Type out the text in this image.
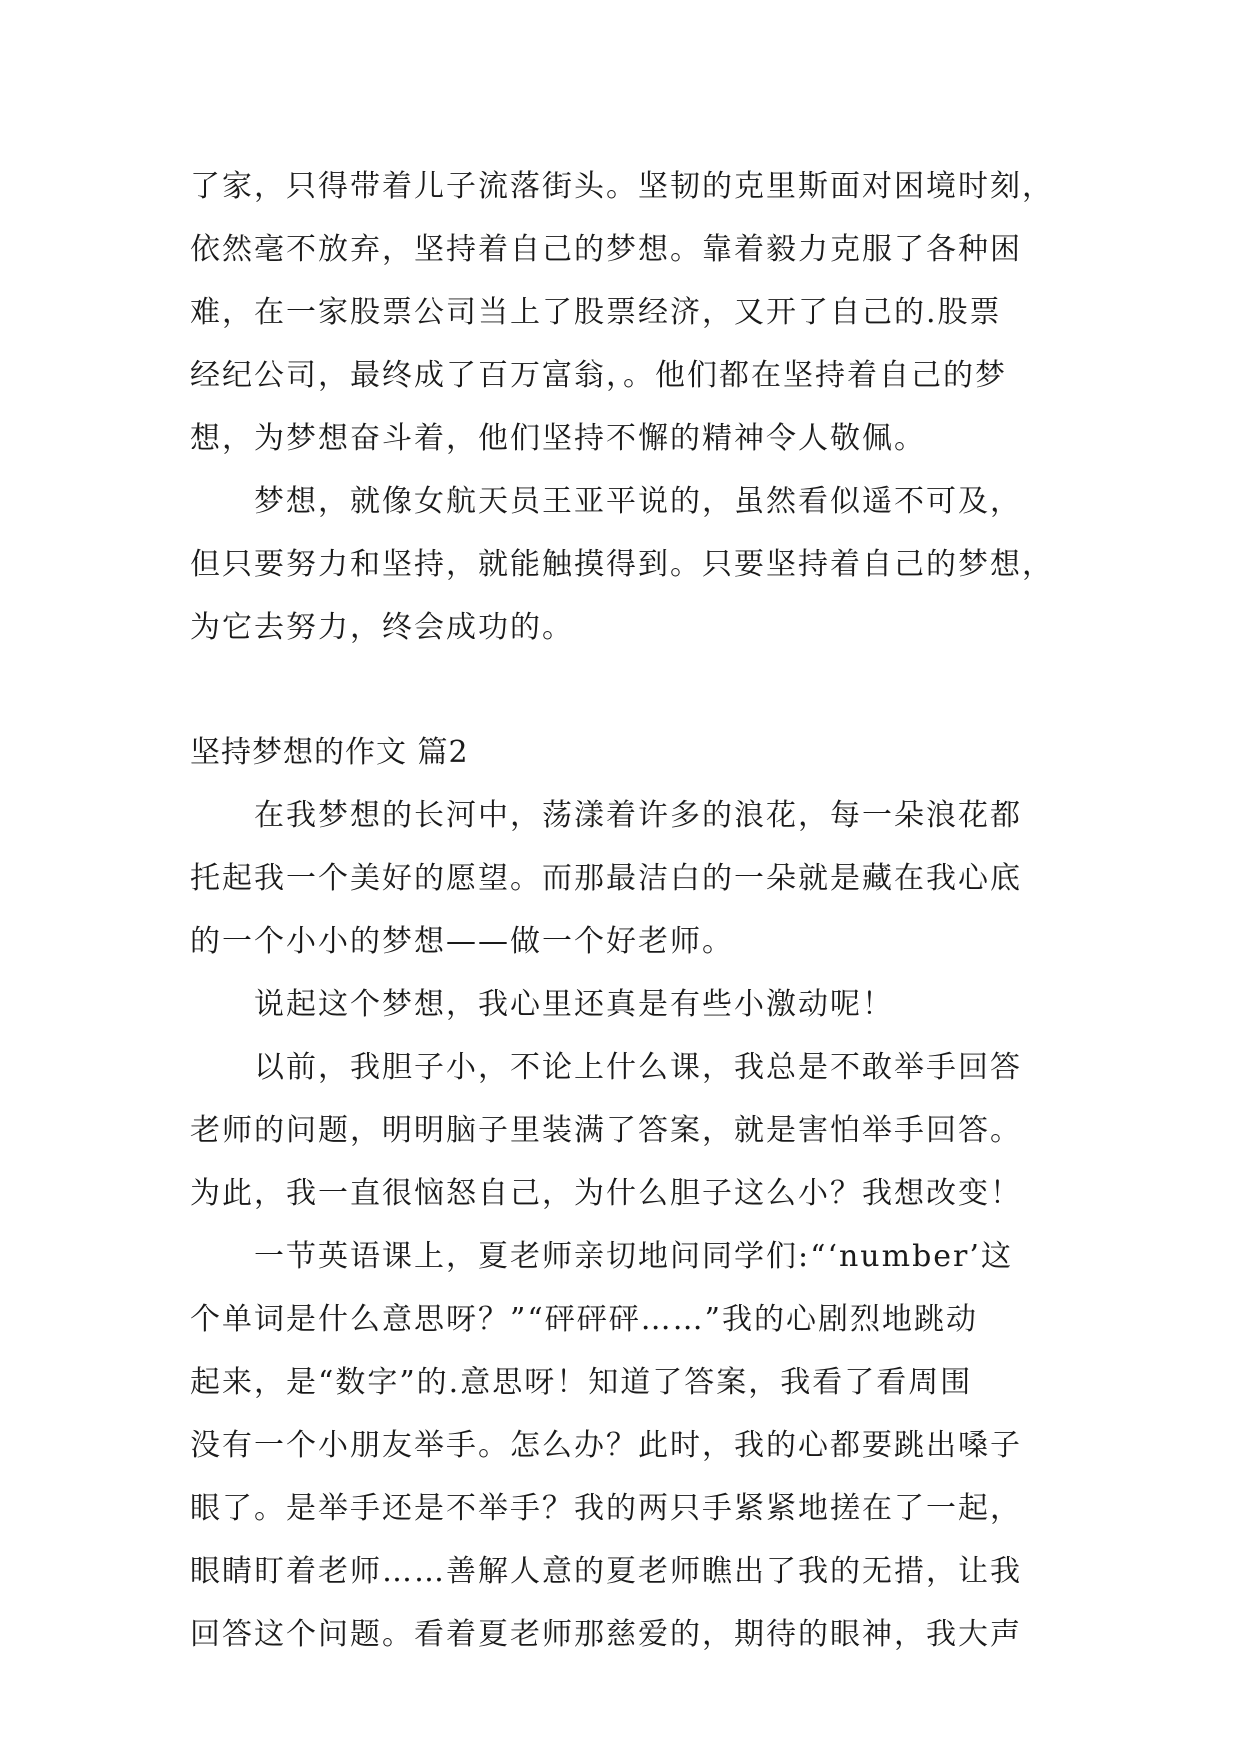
了家，只得带着儿子流落街头。坚韧的克里斯面对困境时刻，
依然毫不放弃，坚持着自己的梦想。靠着毅力克服了各种困
难，在一家股票公司当上了股票经济，又开了自己的.股票
经纪公司，最终成了百万富翁，。他们都在坚持着自己的梦
想，为梦想奋斗着，他们坚持不懈的精神令人敬佩。
梦想，就像女航天员王亚平说的，虽然看似遥不可及，
但只要努力和坚持，就能触摸得到。只要坚持着自己的梦想，
为它去努力，终会成功的。
坚持梦想的作文 篇2
在我梦想的长河中，荡漾着许多的浪花，每一朵浪花都
托起我一个美好的愿望。而那最洁白的一朵就是藏在我心底
的一个小小的梦想——做一个好老师。
说起这个梦想，我心里还真是有些小激动呢！
以前，我胆子小，不论上什么课，我总是不敢举手回答
老师的问题，明明脑子里装满了答案，就是害怕举手回答。
为此，我一直很恼怒自己，为什么胆子这么小？我想改变！
一节英语课上，夏老师亲切地问同学们:“‘number’这
个单词是什么意思呀？”“砰砰砰……”我的心剧烈地跳动
起来，是“数字”的.意思呀！知道了答案，我看了看周围
没有一个小朋友举手。怎么办？此时，我的心都要跳出嗓子
眼了。是举手还是不举手？我的两只手紧紧地搓在了一起，
眼睛盯着老师……善解人意的夏老师瞧出了我的无措，让我
回答这个问题。看着夏老师那慈爱的，期待的眼神，我大声
